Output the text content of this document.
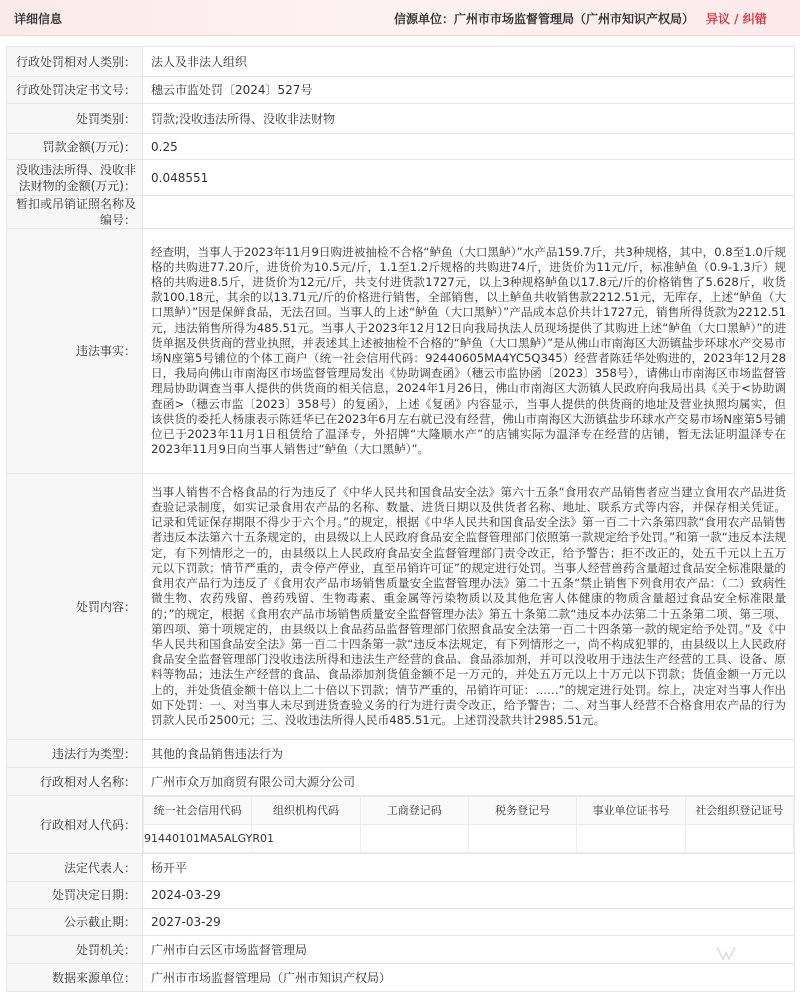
详细信息	信源单位：广州市市场监督管理局（广州市知识产权局） 异议 / 纠错
行政处罚相对人类别：	法人及非法人组织
行政处罚决定书文号：	穗云市监处罚〔2024〕527号
处罚类别：	罚款;没收违法所得、没收非法财物
罚款金额(万元)：	0.25
没收违法所得、没收非法财物的金额(万元)：	0.048551
暂扣或吊销证照名称及编号：	
违法事实：	经查明，当事人于2023年11月9日购进被抽检不合格“鲈鱼（大口黑鲈）”水产品159.7斤，共3种规格，其中，0.8至1.0斤规格的共购进77.20斤，进货价为10.5元/斤，1.1至1.2斤规格的共购进74斤，进货价为11元/斤，标准鲈鱼（0.9-1.3斤）规格的共购进8.5斤，进货价为12元/斤，共支付进货款1727元，以上3种规格鲈鱼以17.8元/斤的价格销售了5.628斤，收货款100.18元，其余的以13.71元/斤的价格进行销售，全部销售，以上鲈鱼共收销售款2212.51元，无库存，上述“鲈鱼（大口黑鲈）”因是保鲜食品，无法召回。当事人的上述“鲈鱼（大口黑鲈）”产品成本总价共计1727元，销售所得货款为2212.51元，违法销售所得为485.51元。当事人于2023年12月12日向我局执法人员现场提供了其购进上述“鲈鱼（大口黑鲈）”的进货单据及供货商的营业执照，并表述其上述被抽检不合格的“鲈鱼（大口黑鲈）”是从佛山市南海区大沥镇盐步环球水产交易市场N座第5号铺位的个体工商户（统一社会信用代码：92440605MA4YC5Q345）经营者陈廷华处购进的，2023年12月28日，我局向佛山市南海区市场监督管理局发出《协助调查函》（穗云市监协函〔2023〕358号），请佛山市南海区市场监督管理局协助调查当事人提供的供货商的相关信息，2024年1月26日，佛山市南海区大沥镇人民政府向我局出具《关于<协助调查函>（穗云市监〔2023〕358号）的复函》，上述《复函》内容显示，当事人提供的供货商的地址及营业执照均属实，但该供货的委托人杨康表示陈廷华已在2023年6月左右就已没有经营，佛山市南海区大沥镇盐步环球水产交易市场N座第5号铺位已于2023年11月1日租赁给了温泽专，外招牌“大隆顺水产”的店铺实际为温泽专在经营的店铺，暂无法证明温泽专在2023年11月9日向当事人销售过“鲈鱼（大口黑鲈）”。
处罚内容：	当事人销售不合格食品的行为违反了《中华人民共和国食品安全法》第六十五条“食用农产品销售者应当建立食用农产品进货查验记录制度，如实记录食用农产品的名称、数量、进货日期以及供货者名称、地址、联系方式等内容，并保存相关凭证。记录和凭证保存期限不得少于六个月。”的规定，根据《中华人民共和国食品安全法》第一百二十六条第四款“食用农产品销售者违反本法第六十五条规定的，由县级以上人民政府食品安全监督管理部门依照第一款规定给予处罚。”和第一款“违反本法规定，有下列情形之一的，由县级以上人民政府食品安全监督管理部门责令改正，给予警告；拒不改正的，处五千元以上五万元以下罚款；情节严重的，责令停产停业，直至吊销许可证”的规定进行处罚。当事人经营兽药含量超过食品安全标准限量的食用农产品行为违反了《食用农产品市场销售质量安全监督管理办法》第二十五条“禁止销售下列食用农产品：（二）致病性微生物、农药残留、兽药残留、生物毒素、重金属等污染物质以及其他危害人体健康的物质含量超过食品安全标准限量的；”的规定，根据《食用农产品市场销售质量安全监督管理办法》第五十条第二款“违反本办法第二十五条第二项、第三项、第四项、第十项规定的，由县级以上食品药品监督管理部门依照食品安全法第一百二十四条第一款的规定给予处罚。”及《中华人民共和国食品安全法》第一百二十四条第一款“违反本法规定，有下列情形之一，尚不构成犯罪的，由县级以上人民政府食品安全监督管理部门没收违法所得和违法生产经营的食品、食品添加剂，并可以没收用于违法生产经营的工具、设备、原料等物品；违法生产经营的食品、食品添加剂货值金额不足一万元的，并处五万元以上十万元以下罚款；货值金额一万元以上的，并处货值金额十倍以上二十倍以下罚款；情节严重的，吊销许可证：……”的规定进行处罚。综上，决定对当事人作出如下处罚：一、对当事人未尽到进货查验义务的行为进行责令改正，给予警告；二、对当事人经营不合格食用农产品的行为罚款人民币2500元；三、没收违法所得人民币485.51元。上述罚没款共计2985.51元。
违法行为类型：	其他的食品销售违法行为
行政相对人名称：	广州市众万加商贸有限公司大源分公司
行政相对人代码：	
统一社会信用代码	组织机构代码	工商登记码	税务登记号	事业单位证书号	社会组织登记证号
91440101MA5ALGYR01					

法定代表人：	杨开平
处罚决定日期：	2024-03-29
公示截止期：	2027-03-29
处罚机关：	广州市白云区市场监督管理局
数据来源单位：	广州市市场监督管理局（广州市知识产权局）
